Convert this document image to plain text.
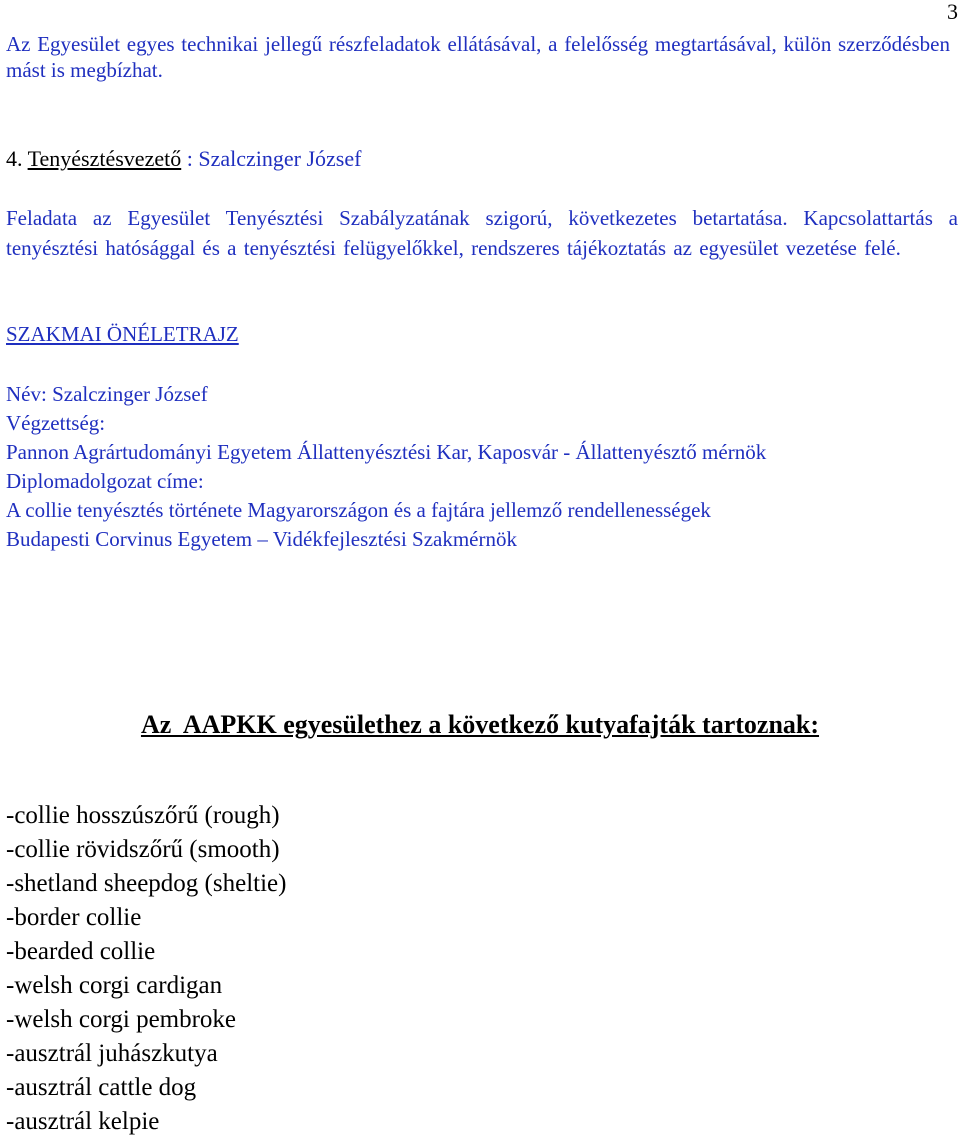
3
Az Egyesület egyes technikai jellegű részfeladatok ellátásával, a felelősség megtartásával, külön szerződésben mást is megbízhat.
4. Tenyésztésvezető : Szalczinger József
Feladata az Egyesület Tenyésztési Szabályzatának szigorú, következetes betartatása. Kapcsolattartás a tenyésztési hatósággal és a tenyésztési felügyelőkkel, rendszeres tájékoztatás az egyesület vezetése felé.
SZAKMAI ÖNÉLETRAJZ
Név: Szalczinger József
Végzettség:
Pannon Agrártudományi Egyetem Állattenyésztési Kar, Kaposvár - Állattenyésztő mérnök
Diplomadolgozat címe:
A collie tenyésztés története Magyarországon és a fajtára jellemző rendellenességek
Budapesti Corvinus Egyetem – Vidékfejlesztési Szakmérnök
Az  AAPKK egyesülethez a következő kutyafajták tartoznak:
-collie hosszúszőrű (rough)
-collie rövidszőrű (smooth)
-shetland sheepdog (sheltie)
-border collie
-bearded collie
-welsh corgi cardigan
-welsh corgi pembroke
-ausztrál juhászkutya
-ausztrál cattle dog
-ausztrál kelpie
